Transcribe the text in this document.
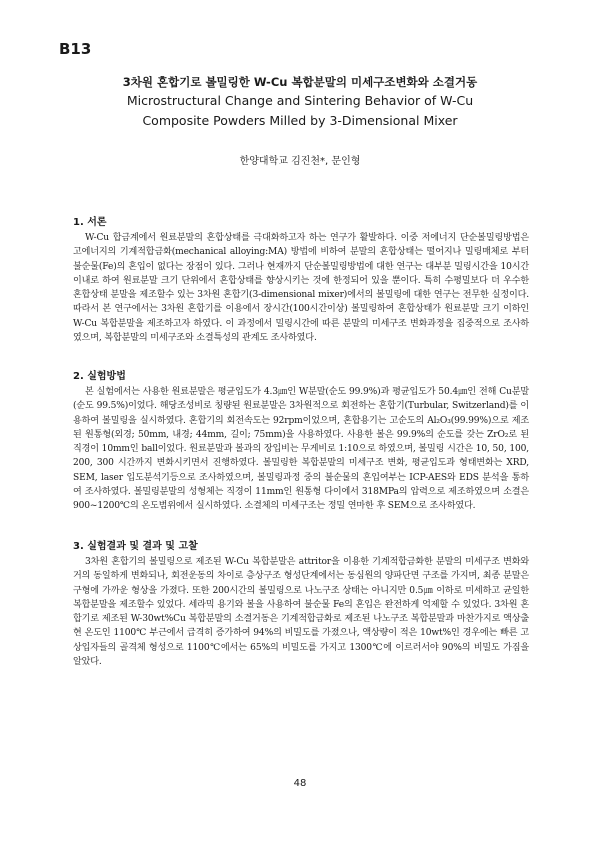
B13
3차원 혼합기로 볼밀링한 W-Cu 복합분말의 미세구조변화와 소결거동
Microstructural Change and Sintering Behavior of W-Cu
Composite Powders Milled by 3-Dimensional Mixer
한양대학교 김진천*, 문인형
1. 서론

W-Cu 합금계에서 원료분말의 혼합상태를 극대화하고자 하는 연구가 활발하다. 이중 저에너지 단순볼밀링방법은 고에너지의 기계적합금화(mechanical alloying:MA) 방법에 비하여 분말의 혼합상태는 떨어지나 밀링매체로 부터 불순물(Fe)의 혼입이 없다는 장점이 있다. 그러나 현재까지 단순볼밀링방법에 대한 연구는 대부분 밀링시간을 10시간 이내로 하여 원료분말 크기 단위에서 혼합상태를 향상시키는 것에 한정되어 있을 뿐이다. 특히 수평밀보다 더 우수한 혼합상태 분말을 제조할수 있는 3차원 혼합기(3-dimensional mixer)에서의 볼밀링에 대한 연구는 전무한 실정이다. 따라서 본 연구에서는 3차원 혼합기를 이용에서 장시간(100시간이상) 볼밀링하여 혼합상태가 원료분말 크기 이하인 W-Cu 복합분말을 제조하고자 하였다. 이 과정에서 밀링시간에 따른 분말의 미세구조 변화과정을 집중적으로 조사하였으며, 복합분말의 미세구조와 소결특성의 관계도 조사하였다.

2. 실험방법

본 실험에서는 사용한 원료분말은 평균입도가 4.3㎛인 W분말(순도 99.9%)과 평균입도가 50.4㎛인 전해 Cu분말(순도 99.5%)이었다. 해당조성비로 칭량된 원료분말은 3차원적으로 회전하는 혼합기(Turbular, Switzerland)를 이용하여 볼밀링을 실시하였다. 혼합기의 회전속도는 92rpm이었으며, 혼합용기는 고순도의 Al₂O₃(99.99%)으로 제조된 원통형(외경; 50mm, 내경; 44mm, 길이; 75mm)을 사용하였다. 사용한 볼은 99.9%의 순도를 갖는 ZrO₂로 된 직경이 10mm인 ball이었다. 원료분말과 볼과의 장입비는 무게비로 1:10으로 하였으며, 볼밀링 시간은 10, 50, 100, 200, 300 시간까지 변화시키면서 진행하였다. 볼밀링한 복합분말의 미세구조 변화, 평균입도과 형태변화는 XRD, SEM, laser 입도분석기등으로 조사하였으며, 볼밀링과정 중의 불순물의 혼입여부는 ICP-AES와 EDS 분석을 통하여 조사하였다. 볼밀링분말의 성형체는 직경이 11mm인 원통형 다이에서 318MPa의 압력으로 제조하였으며 소결은 900~1200℃의 온도범위에서 실시하였다. 소결체의 미세구조는 정밀 연마한 후 SEM으로 조사하였다.

3. 실험결과 및 결과 및 고찰

3차원 혼합기의 볼밀링으로 제조된 W-Cu 복합분말은 attritor을 이용한 기계적합금화한 분말의 미세구조 변화와 거의 동일하게 변화되나, 회전운동의 차이로 층상구조 형성단계에서는 동심원의 양파단면 구조를 가지며, 최종 분말은 구형에 가까운 형상을 가졌다. 또한 200시간의 볼밀링으로 나노구조 상태는 아니지만 0.5㎛ 이하로 미세하고 균일한 복합분말을 제조할수 있었다. 세라믹 용기와 볼을 사용하여 불순물 Fe의 혼입은 완전하게 억제할 수 있었다. 3차원 혼합기로 제조된 W-30wt%Cu 복합분말의 소결거동은 기계적합금화로 제조된 나노구조 복합분말과 마찬가지로 액상출현 온도인 1100℃ 부근에서 급격히 증가하여 94%의 비밀도를 가졌으나, 액상량이 적은 10wt%인 경우에는 빠른 고상입자들의 골격체 형성으로 1100℃에서는 65%의 비밀도를 가지고 1300℃에 이르러서야 90%의 비밀도 가짐을 알았다.

48
